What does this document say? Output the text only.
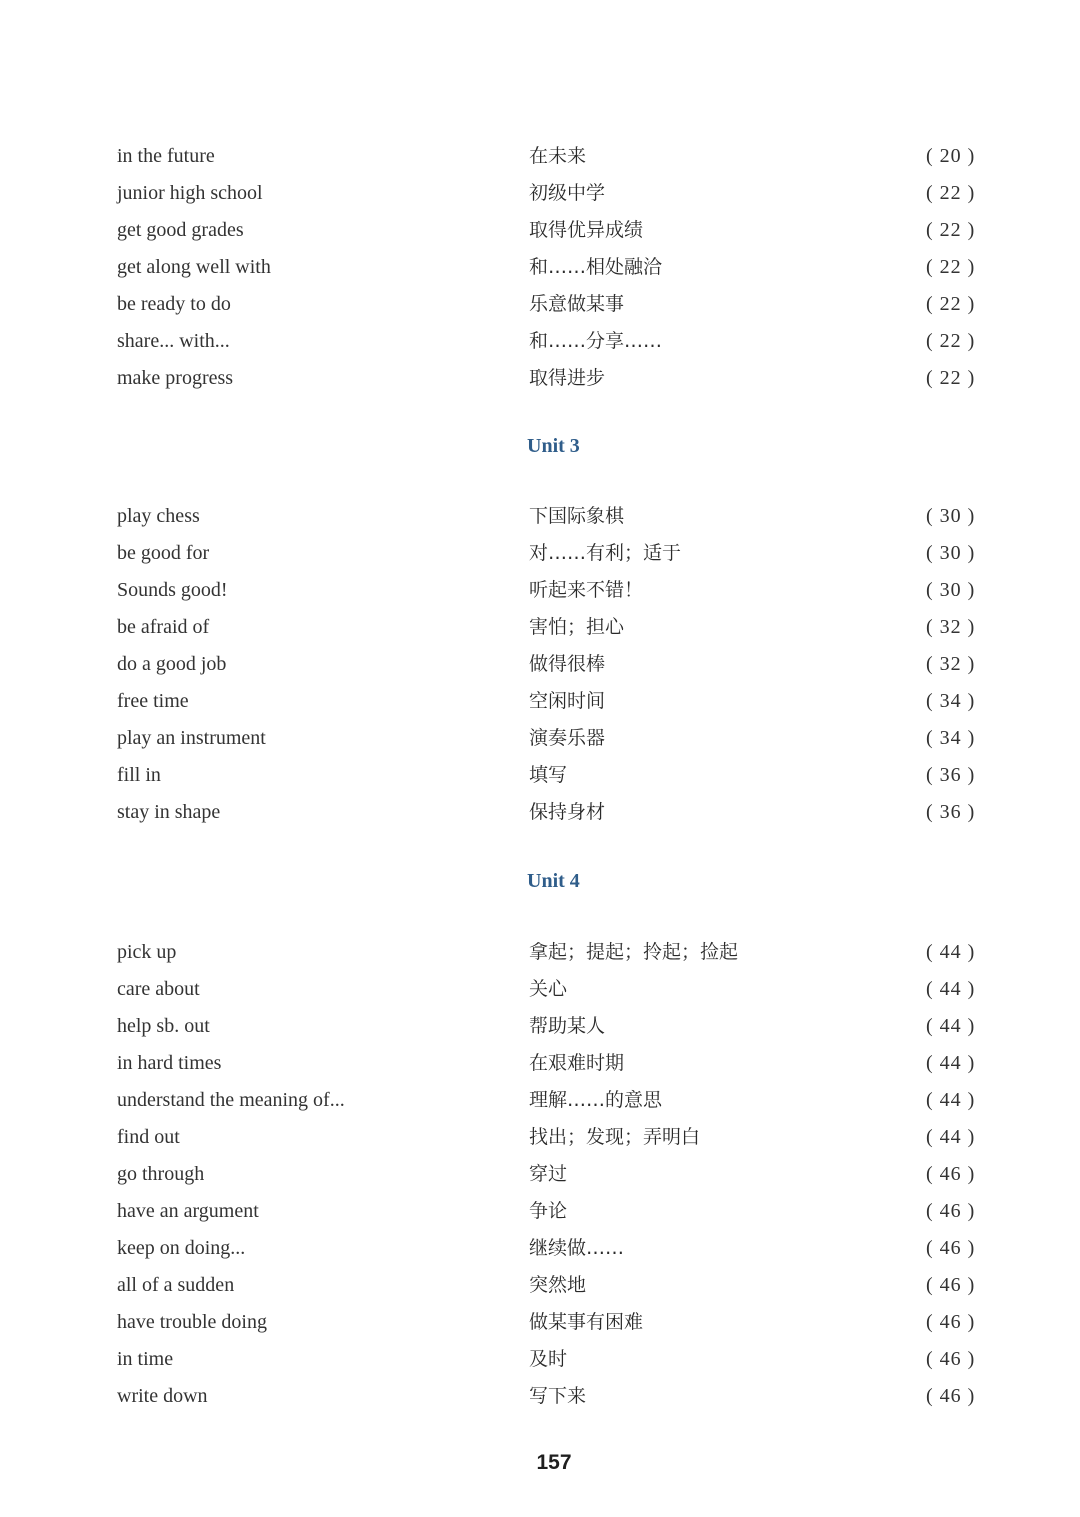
in the future	在未来	( 20 )
junior high school	初级中学	( 22 )
get good grades	取得优异成绩	( 22 )
get along well with	和……相处融洽	( 22 )
be ready to do	乐意做某事	( 22 )
share... with...	和……分享……	( 22 )
make progress	取得进步	( 22 )
Unit 3
play chess	下国际象棋	( 30 )
be good for	对……有利；适于	( 30 )
Sounds good!	听起来不错！	( 30 )
be afraid of	害怕；担心	( 32 )
do a good job	做得很棒	( 32 )
free time	空闲时间	( 34 )
play an instrument	演奏乐器	( 34 )
fill in	填写	( 36 )
stay in shape	保持身材	( 36 )
Unit 4
pick up	拿起；提起；拎起；捡起	( 44 )
care about	关心	( 44 )
help sb. out	帮助某人	( 44 )
in hard times	在艰难时期	( 44 )
understand the meaning of...	理解……的意思	( 44 )
find out	找出；发现；弄明白	( 44 )
go through	穿过	( 46 )
have an argument	争论	( 46 )
keep on doing...	继续做……	( 46 )
all of a sudden	突然地	( 46 )
have trouble doing	做某事有困难	( 46 )
in time	及时	( 46 )
write down	写下来	( 46 )
157
